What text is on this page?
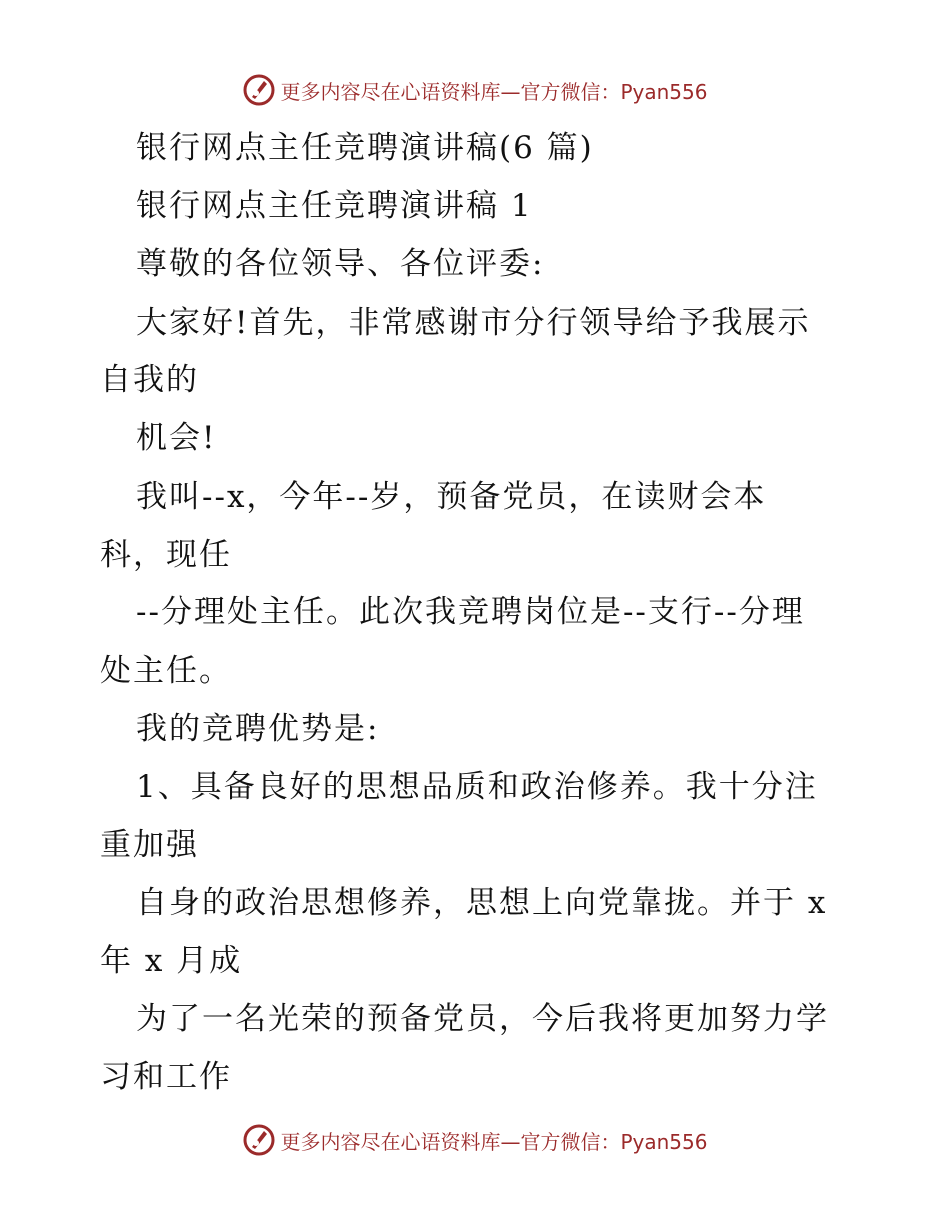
更多内容尽在心语资料库—官方微信：Pyan556
银行网点主任竞聘演讲稿(6 篇)
银行网点主任竞聘演讲稿 1
尊敬的各位领导、各位评委:
大家好!首先，非常感谢市分行领导给予我展示
自我的
机会!
我叫--x，今年--岁，预备党员，在读财会本
科，现任
--分理处主任。此次我竞聘岗位是--支行--分理
处主任。
我的竞聘优势是:
1、具备良好的思想品质和政治修养。我十分注
重加强
自身的政治思想修养，思想上向党靠拢。并于 x
年 x 月成
为了一名光荣的预备党员，今后我将更加努力学
习和工作
更多内容尽在心语资料库—官方微信：Pyan556
